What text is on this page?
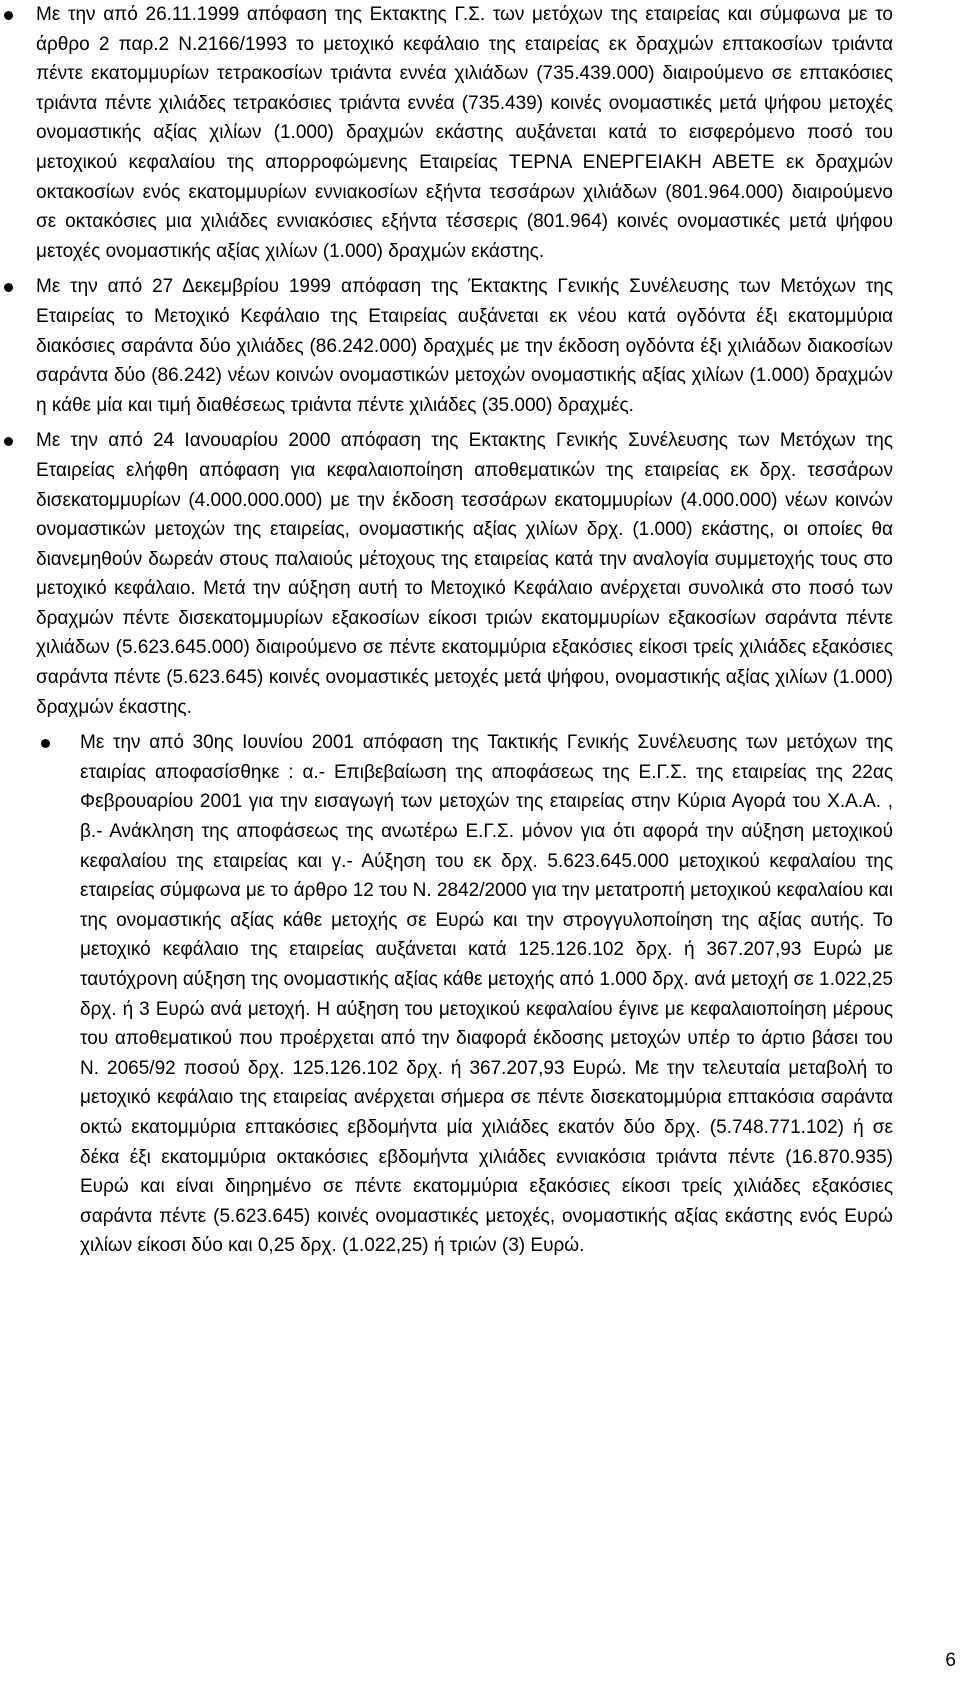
Με την από 26.11.1999 απόφαση της Εκτακτης Γ.Σ. των μετόχων της εταιρείας και σύμφωνα με το άρθρο 2 παρ.2 Ν.2166/1993 το μετοχικό κεφάλαιο της εταιρείας εκ δραχμών επτακοσίων τριάντα πέντε εκατομμυρίων τετρακοσίων τριάντα εννέα χιλιάδων (735.439.000) διαιρούμενο σε επτακόσιες τριάντα πέντε χιλιάδες τετρακόσιες τριάντα εννέα (735.439) κοινές ονομαστικές μετά ψήφου μετοχές ονομαστικής αξίας χιλίων (1.000) δραχμών εκάστης αυξάνεται κατά το εισφερόμενο ποσό του μετοχικού κεφαλαίου της απορροφώμενης Εταιρείας ΤΕΡΝΑ ΕΝΕΡΓΕΙΑΚΗ ΑΒΕΤΕ εκ δραχμών οκτακοσίων ενός εκατομμυρίων εννιακοσίων εξήντα τεσσάρων χιλιάδων (801.964.000) διαιρούμενο σε οκτακόσιες μια χιλιάδες εννιακόσιες εξήντα τέσσερις (801.964) κοινές ονομαστικές μετά ψήφου μετοχές ονομαστικής αξίας χιλίων (1.000) δραχμών εκάστης.
Με την από 27 Δεκεμβρίου 1999 απόφαση της Έκτακτης Γενικής Συνέλευσης των Μετόχων της Εταιρείας το Μετοχικό Κεφάλαιο της Εταιρείας αυξάνεται εκ νέου κατά ογδόντα έξι εκατομμύρια διακόσιες σαράντα δύο χιλιάδες (86.242.000) δραχμές με την έκδοση ογδόντα έξι χιλιάδων διακοσίων σαράντα δύο (86.242) νέων κοινών ονομαστικών μετοχών ονομαστικής αξίας χιλίων (1.000) δραχμών η κάθε μία και τιμή διαθέσεως τριάντα πέντε χιλιάδες (35.000) δραχμές.
Με την από 24 Ιανουαρίου 2000 απόφαση της Εκτακτης Γενικής Συνέλευσης των Μετόχων της Εταιρείας ελήφθη απόφαση για κεφαλαιοποίηση αποθεματικών της εταιρείας εκ δρχ. τεσσάρων δισεκατομμυρίων (4.000.000.000) με την έκδοση τεσσάρων εκατομμυρίων (4.000.000) νέων κοινών ονομαστικών μετοχών της εταιρείας, ονομαστικής αξίας χιλίων δρχ. (1.000) εκάστης, οι οποίες θα διανεμηθούν δωρεάν στους παλαιούς μέτοχους της εταιρείας κατά την αναλογία συμμετοχής τους στο μετοχικό κεφάλαιο. Μετά την αύξηση αυτή το Μετοχικό Κεφάλαιο ανέρχεται συνολικά στο ποσό των δραχμών πέντε δισεκατομμυρίων εξακοσίων είκοσι τριών εκατομμυρίων εξακοσίων σαράντα πέντε χιλιάδων (5.623.645.000) διαιρούμενο σε πέντε εκατομμύρια εξακόσιες είκοσι τρείς χιλιάδες εξακόσιες σαράντα πέντε (5.623.645) κοινές ονομαστικές μετοχές μετά ψήφου, ονομαστικής αξίας χιλίων (1.000) δραχμών έκαστης.
Με την από 30ης Ιουνίου 2001 απόφαση της Τακτικής Γενικής Συνέλευσης των μετόχων της εταιρίας αποφασίσθηκε : α.- Επιβεβαίωση της αποφάσεως της Ε.Γ.Σ. της εταιρείας της 22ας Φεβρουαρίου 2001 για την εισαγωγή των μετοχών της εταιρείας στην Κύρια Αγορά του Χ.Α.Α. , β.- Ανάκληση της αποφάσεως της ανωτέρω Ε.Γ.Σ. μόνον για ότι αφορά την αύξηση μετοχικού κεφαλαίου της εταιρείας και γ.- Αύξηση του εκ δρχ. 5.623.645.000 μετοχικού κεφαλαίου της εταιρείας σύμφωνα με το άρθρο 12 του Ν. 2842/2000 για την μετατροπή μετοχικού κεφαλαίου και της ονομαστικής αξίας κάθε μετοχής σε Ευρώ και την στρογγυλοποίηση της αξίας αυτής. Το μετοχικό κεφάλαιο της εταιρείας αυξάνεται κατά 125.126.102 δρχ. ή 367.207,93 Ευρώ με ταυτόχρονη αύξηση της ονομαστικής αξίας κάθε μετοχής από 1.000 δρχ. ανά μετοχή σε 1.022,25 δρχ. ή 3 Ευρώ ανά μετοχή. Η αύξηση του μετοχικού κεφαλαίου έγινε με κεφαλαιοποίηση μέρους του αποθεματικού που προέρχεται από την διαφορά έκδοσης μετοχών υπέρ το άρτιο βάσει του Ν. 2065/92 ποσού δρχ. 125.126.102 δρχ. ή 367.207,93 Ευρώ. Με την τελευταία μεταβολή το μετοχικό κεφάλαιο της εταιρείας ανέρχεται σήμερα σε πέντε δισεκατομμύρια επτακόσια σαράντα οκτώ εκατομμύρια επτακόσιες εβδομήντα μία χιλιάδες εκατόν δύο δρχ. (5.748.771.102) ή σε δέκα έξι εκατομμύρια οκτακόσιες εβδομήντα χιλιάδες εννιακόσια τριάντα πέντε (16.870.935) Ευρώ και είναι διηρημένο σε πέντε εκατομμύρια εξακόσιες είκοσι τρείς χιλιάδες εξακόσιες σαράντα πέντε (5.623.645) κοινές ονομαστικές μετοχές, ονομαστικής αξίας εκάστης ενός Ευρώ χιλίων είκοσι δύο και 0,25 δρχ. (1.022,25) ή τριών (3) Ευρώ.
6
